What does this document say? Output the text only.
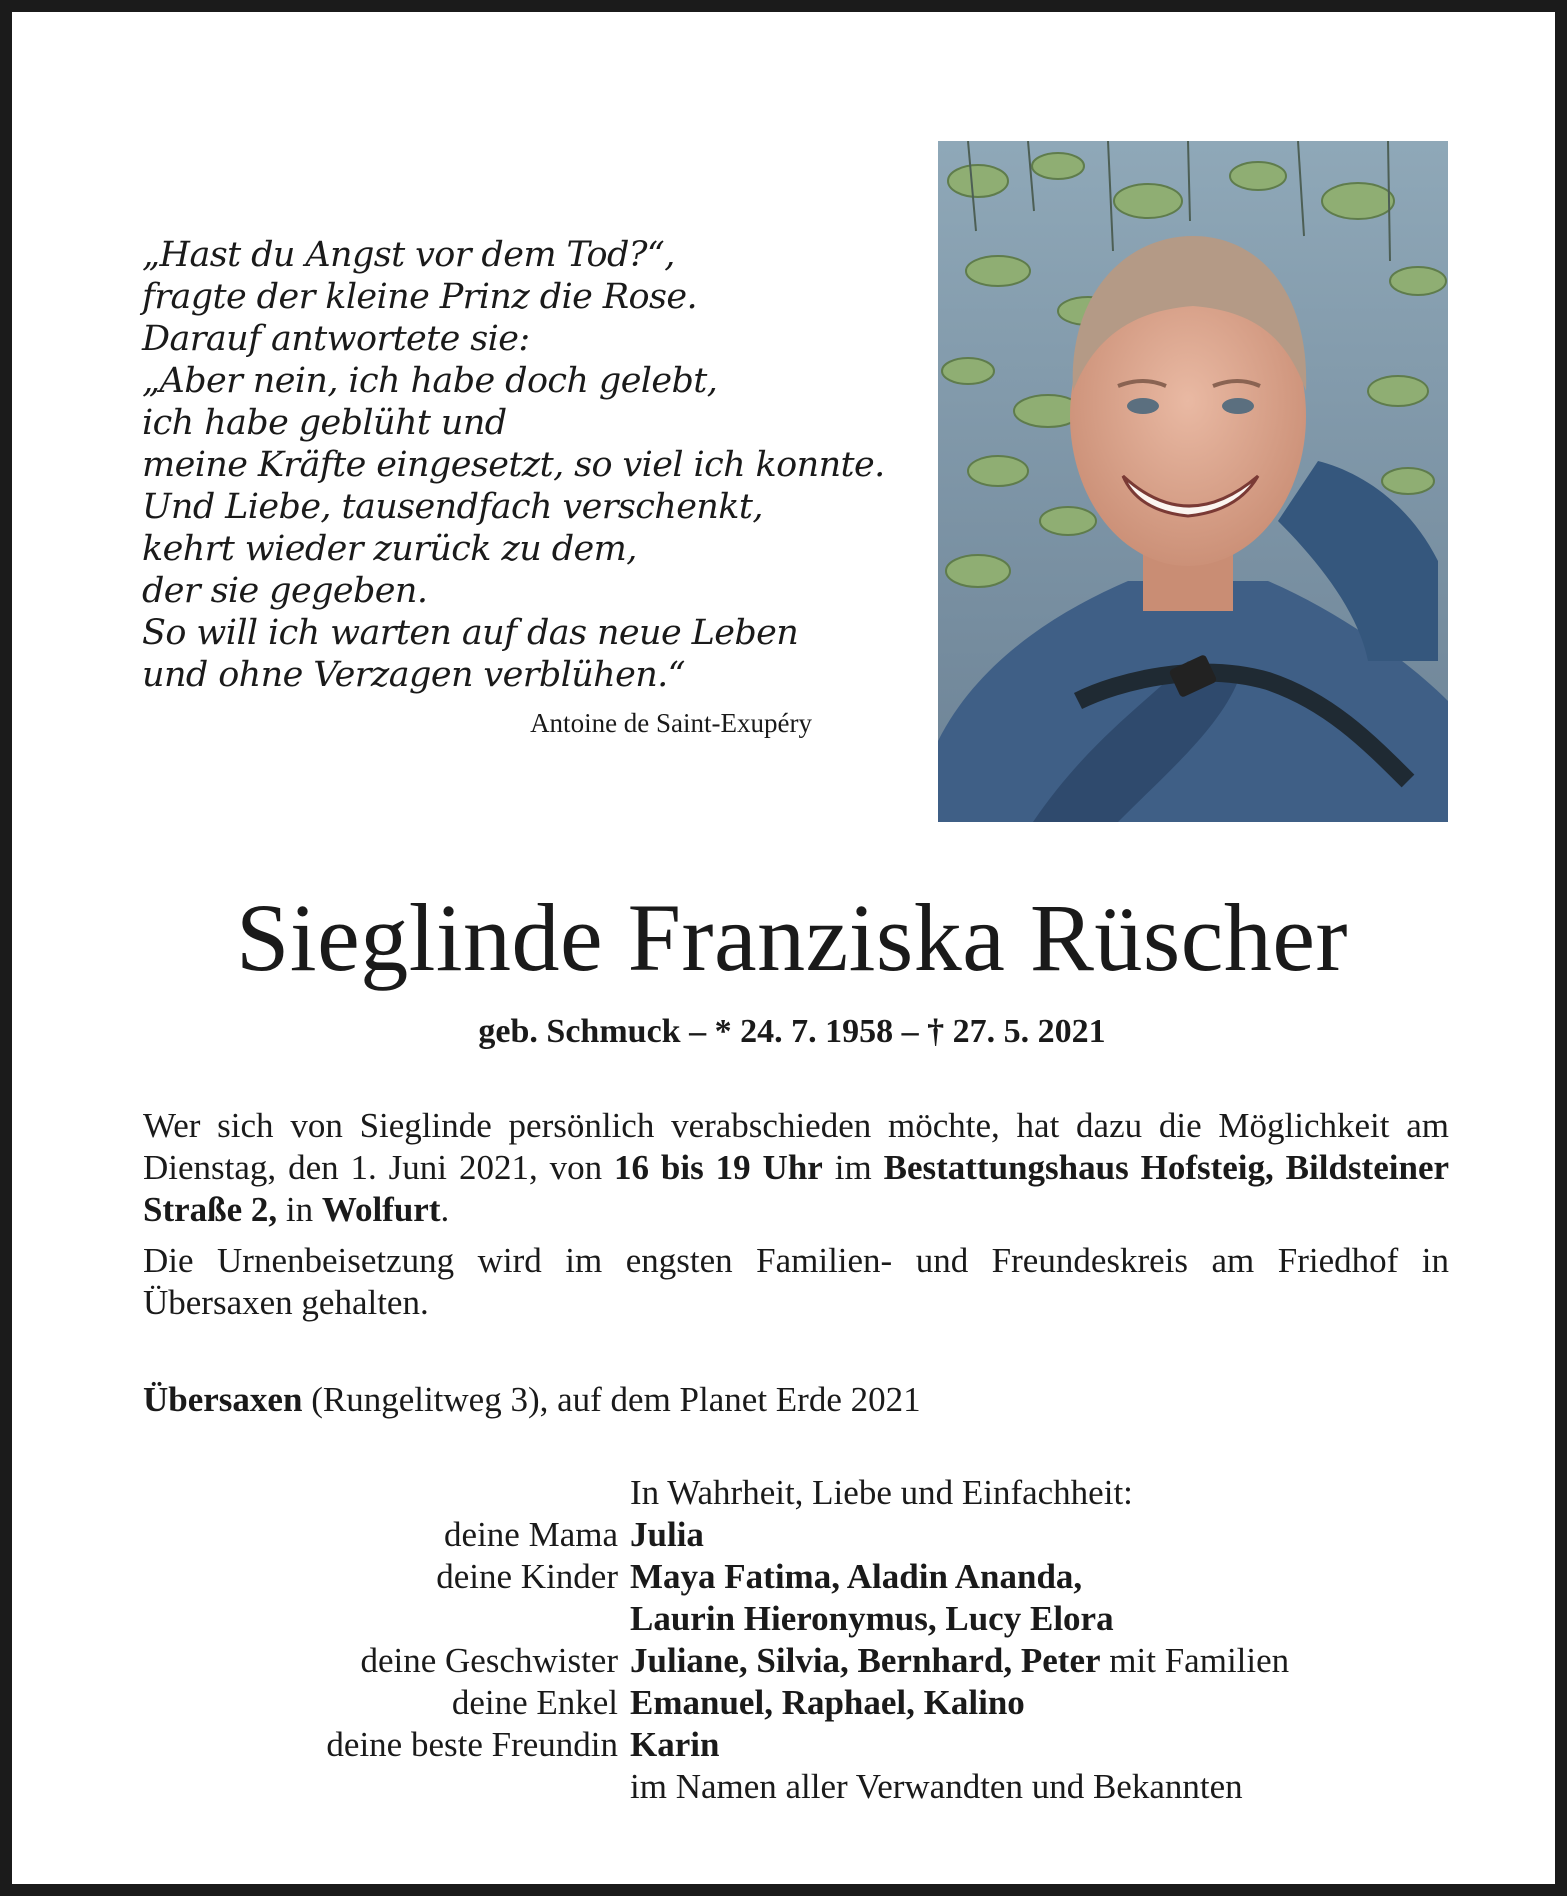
„Hast du Angst vor dem Tod?“,
fragte der kleine Prinz die Rose.
Darauf antwortete sie:
„Aber nein, ich habe doch gelebt,
ich habe geblüht und
meine Kräfte eingesetzt, so viel ich konnte.
Und Liebe, tausendfach verschenkt,
kehrt wieder zurück zu dem,
der sie gegeben.
So will ich warten auf das neue Leben
und ohne Verzagen verblühen.“
Antoine de Saint-Exupéry
Sieglinde Franziska Rüscher
geb. Schmuck – * 24. 7. 1958 – † 27. 5. 2021
Wer sich von Sieglinde persönlich verabschieden möchte, hat dazu die Möglichkeit am Dienstag, den 1. Juni 2021, von 16 bis 19 Uhr im Bestattungshaus Hofsteig, Bildsteiner Straße 2, in Wolfurt.
Die Urnenbeisetzung wird im engsten Familien- und Freundeskreis am Friedhof in Übersaxen gehalten.
Übersaxen (Rungelitweg 3), auf dem Planet Erde 2021
In Wahrheit, Liebe und Einfachheit:
deine Mama Julia
deine Kinder Maya Fatima, Aladin Ananda,
Laurin Hieronymus, Lucy Elora
deine Geschwister Juliane, Silvia, Bernhard, Peter mit Familien
deine Enkel Emanuel, Raphael, Kalino
deine beste Freundin Karin
im Namen aller Verwandten und Bekannten
